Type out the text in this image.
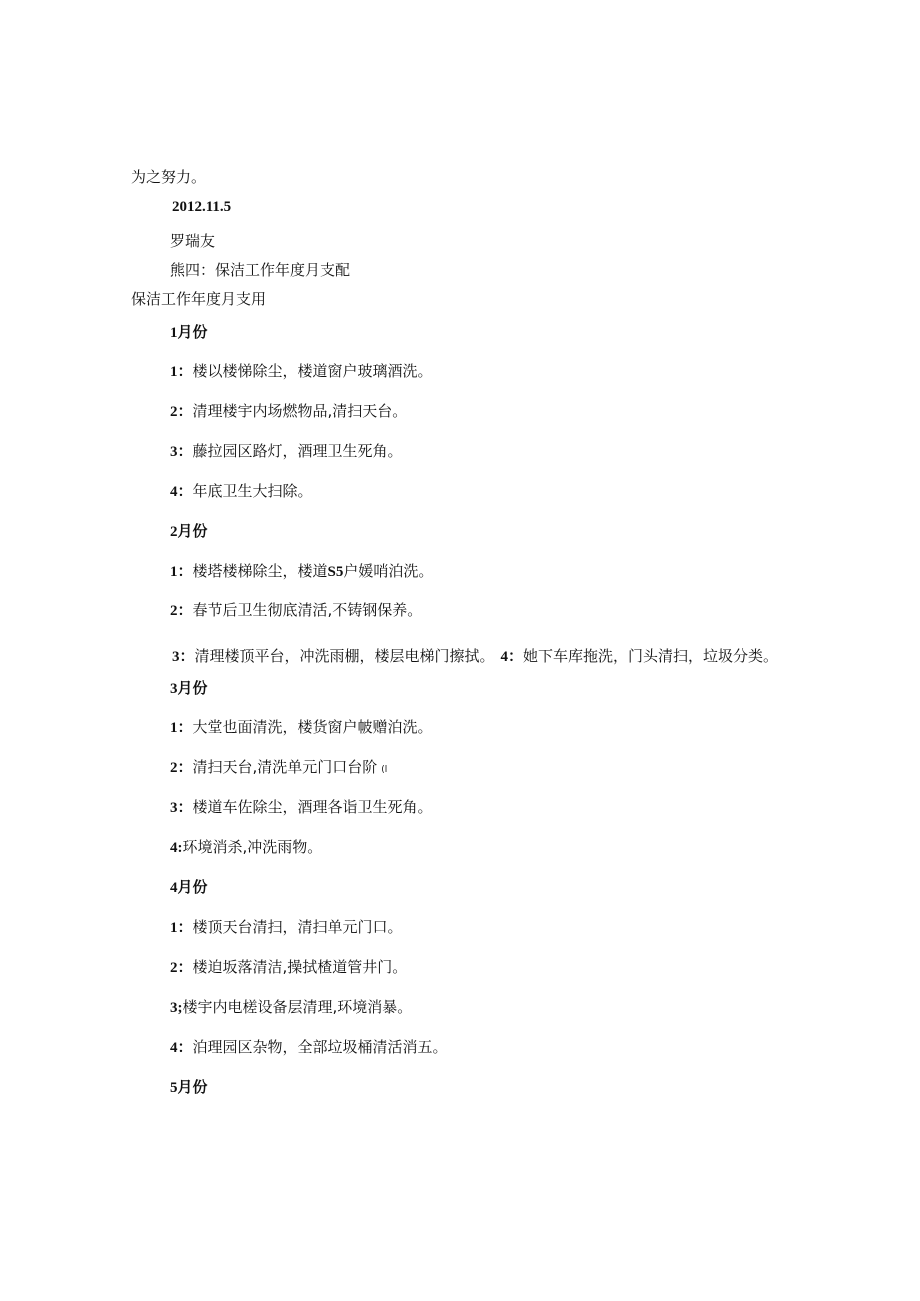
为之努力。
2012.11.5
罗瑞友
熊四：保洁工作年度月支配
保洁工作年度月支用
1月份
1：楼以楼悌除尘，楼道窗户玻璃酒洗。
2：清理楼宇内场燃物品,清扫天台。
3：藤拉园区路灯，酒理卫生死角。
4：年底卫生大扫除。
2月份
1：楼塔楼梯除尘，楼道S5户媛哨泊洗。
2：春节后卫生彻底清活,不铸钢保养。
3：清理楼顶平台，冲洗雨棚，楼层电梯门擦拭。 4：她下车库拖洗，门头清扫，垃圾分类。
3月份
1：大堂也面清洗，楼货窗户帔赠泊洗。
2：清扫天台,清洗单元门口台阶 (l
3：楼道车佐除尘，酒理各诣卫生死角。
4:环境消杀,冲洗雨物。
4月份
1：楼顶天台清扫，清扫单元门口。
2：楼迫坂落清洁,操拭楂道管井门。
3;楼宇内电槎设备层清理,环境消暴。
4：泊理园区杂物，全部垃圾桶清活消五。
5月份
